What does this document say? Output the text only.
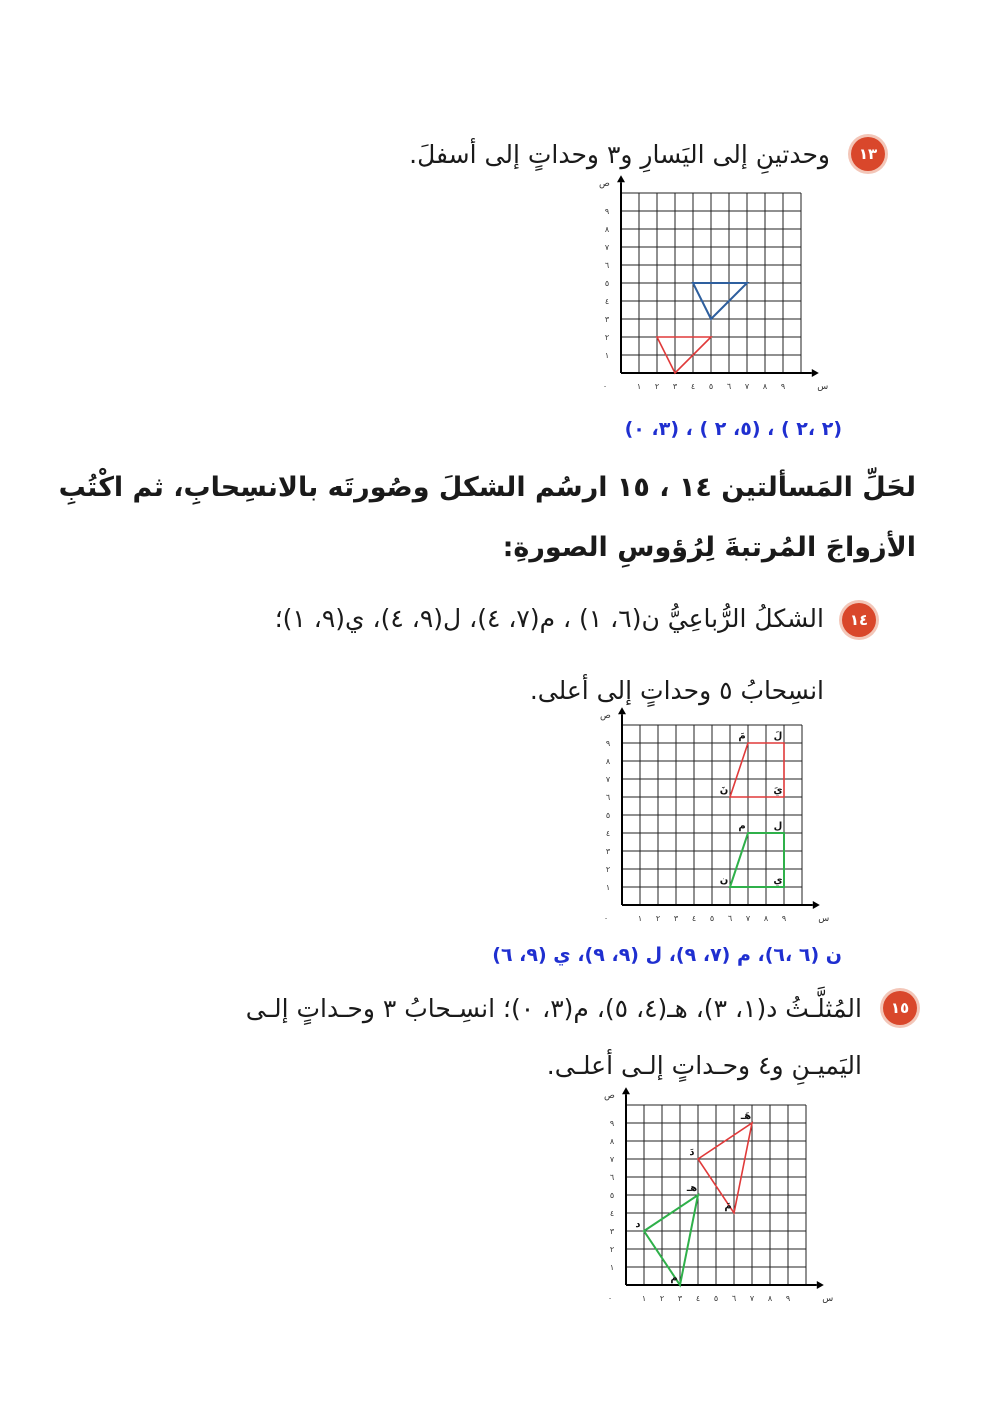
١٣
وحدتينِ إلى اليَسارِ و٣ وحداتٍ إلى أسفلَ.
س
ص
٠	١ ٢ ٣ ٤ ٥ ٦ ٧ ٨ ٩
١
٢
٣
٤
٥
٦
٧
٨
٩
(٢ ،٢ ) ، (٥، ٢ ) ، (٣، ٠)
لحَلِّ المَسألتين ١٤ ، ١٥ ارسُم الشكلَ وصُورتَه بالانسِحابِ، ثم اكْتُبِ
الأزواجَ المُرتبةَ لِرُؤوسِ الصورةِ:
١٤
الشكلُ الرُّباعِيُّ ن(٦، ١) ، م(٧، ٤)، ل(٩، ٤)، ي(٩، ١)؛
انسِحابُ ٥ وحداتٍ إلى أعلى.
س
ص
٠	١ ٢ ٣ ٤ ٥ ٦ ٧ ٨ ٩
١
٢
٣
٤
٥
٦
٧
٨
٩
ن
م	ل
ي
نَ
مَ	لَ
يَ
ن (٦ ،٦)، م (٧، ٩)، ل (٩، ٩)، ي (٩، ٦)
١٥
المُثلَّـثُ د(١، ٣)، هـ(٤، ٥)، م(٣، ٠)؛ انسِـحابُ ٣ وحـداتٍ إلـى
اليَميـنِ و٤ وحـداتٍ إلـى أعلـى.
س
ص
٠	١ ٢ ٣ ٤ ٥ ٦ ٧ ٨ ٩
١
٢
٣
٤
٥
٦
٧
٨
٩
د
هـ
م
دَ
هَـ
مَ
